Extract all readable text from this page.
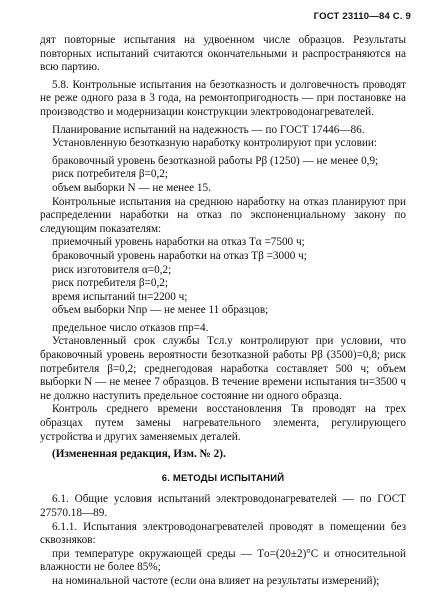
ГОСТ 23110—84 С. 9

дят повторные испытания на удвоенном числе образцов. Результаты повторных испытаний считаются окончательными и распространяются на всю партию.

5.8. Контрольные испытания на безотказность и долговечность проводят не реже одного раза в 3 года, на ремонтопригодность — при постановке на производство и модернизации конструкции электроводонагревателей.

Планирование испытаний на надежность — по ГОСТ 17446—86.

Установленную безотказную наработку контролируют при условии:

браковочный уровень безотказной работы Pβ (1250) — не менее 0,9;

риск потребителя β=0,2;

объем выборки N — не менее 15.

Контрольные испытания на среднюю наработку на отказ планируют при распределении наработки на отказ по экспоненциальному закону по следующим показателям:

приемочный уровень наработки на отказ Tα =7500 ч;

браковочный уровень наработки на отказ Tβ =3000 ч;

риск изготовителя α=0,2;

риск потребителя β=0,2;

время испытаний tн=2200 ч;

объем выборки Nпр — не менее 11 образцов;

предельное число отказов rпр=4.

Установленный срок службы Tсл.у контролируют при условии, что браковочный уровень вероятности безотказной работы Pβ (3500)=0,8; риск потребителя β=0,2; среднегодовая наработка составляет 500 ч; объем выборки N — не менее 7 образцов. В течение времени испытания tн=3500 ч не должно наступить предельное состояние ни одного образца.

Контроль среднего времени восстановления Tв проводят на трех образцах путем замены нагревательного элемента, регулирующего устройства и других заменяемых деталей.

(Измененная редакция, Изм. № 2).

6. МЕТОДЫ ИСПЫТАНИЙ

6.1. Общие условия испытаний электроводонагревателей — по ГОСТ 27570.18—89.

6.1.1. Испытания электроводонагревателей проводят в помещении без сквозняков:

при температуре окружающей среды — Tо=(20±2)°C и относительной влажности не более 85%;

на номинальной частоте (если она влияет на результаты измерений);
